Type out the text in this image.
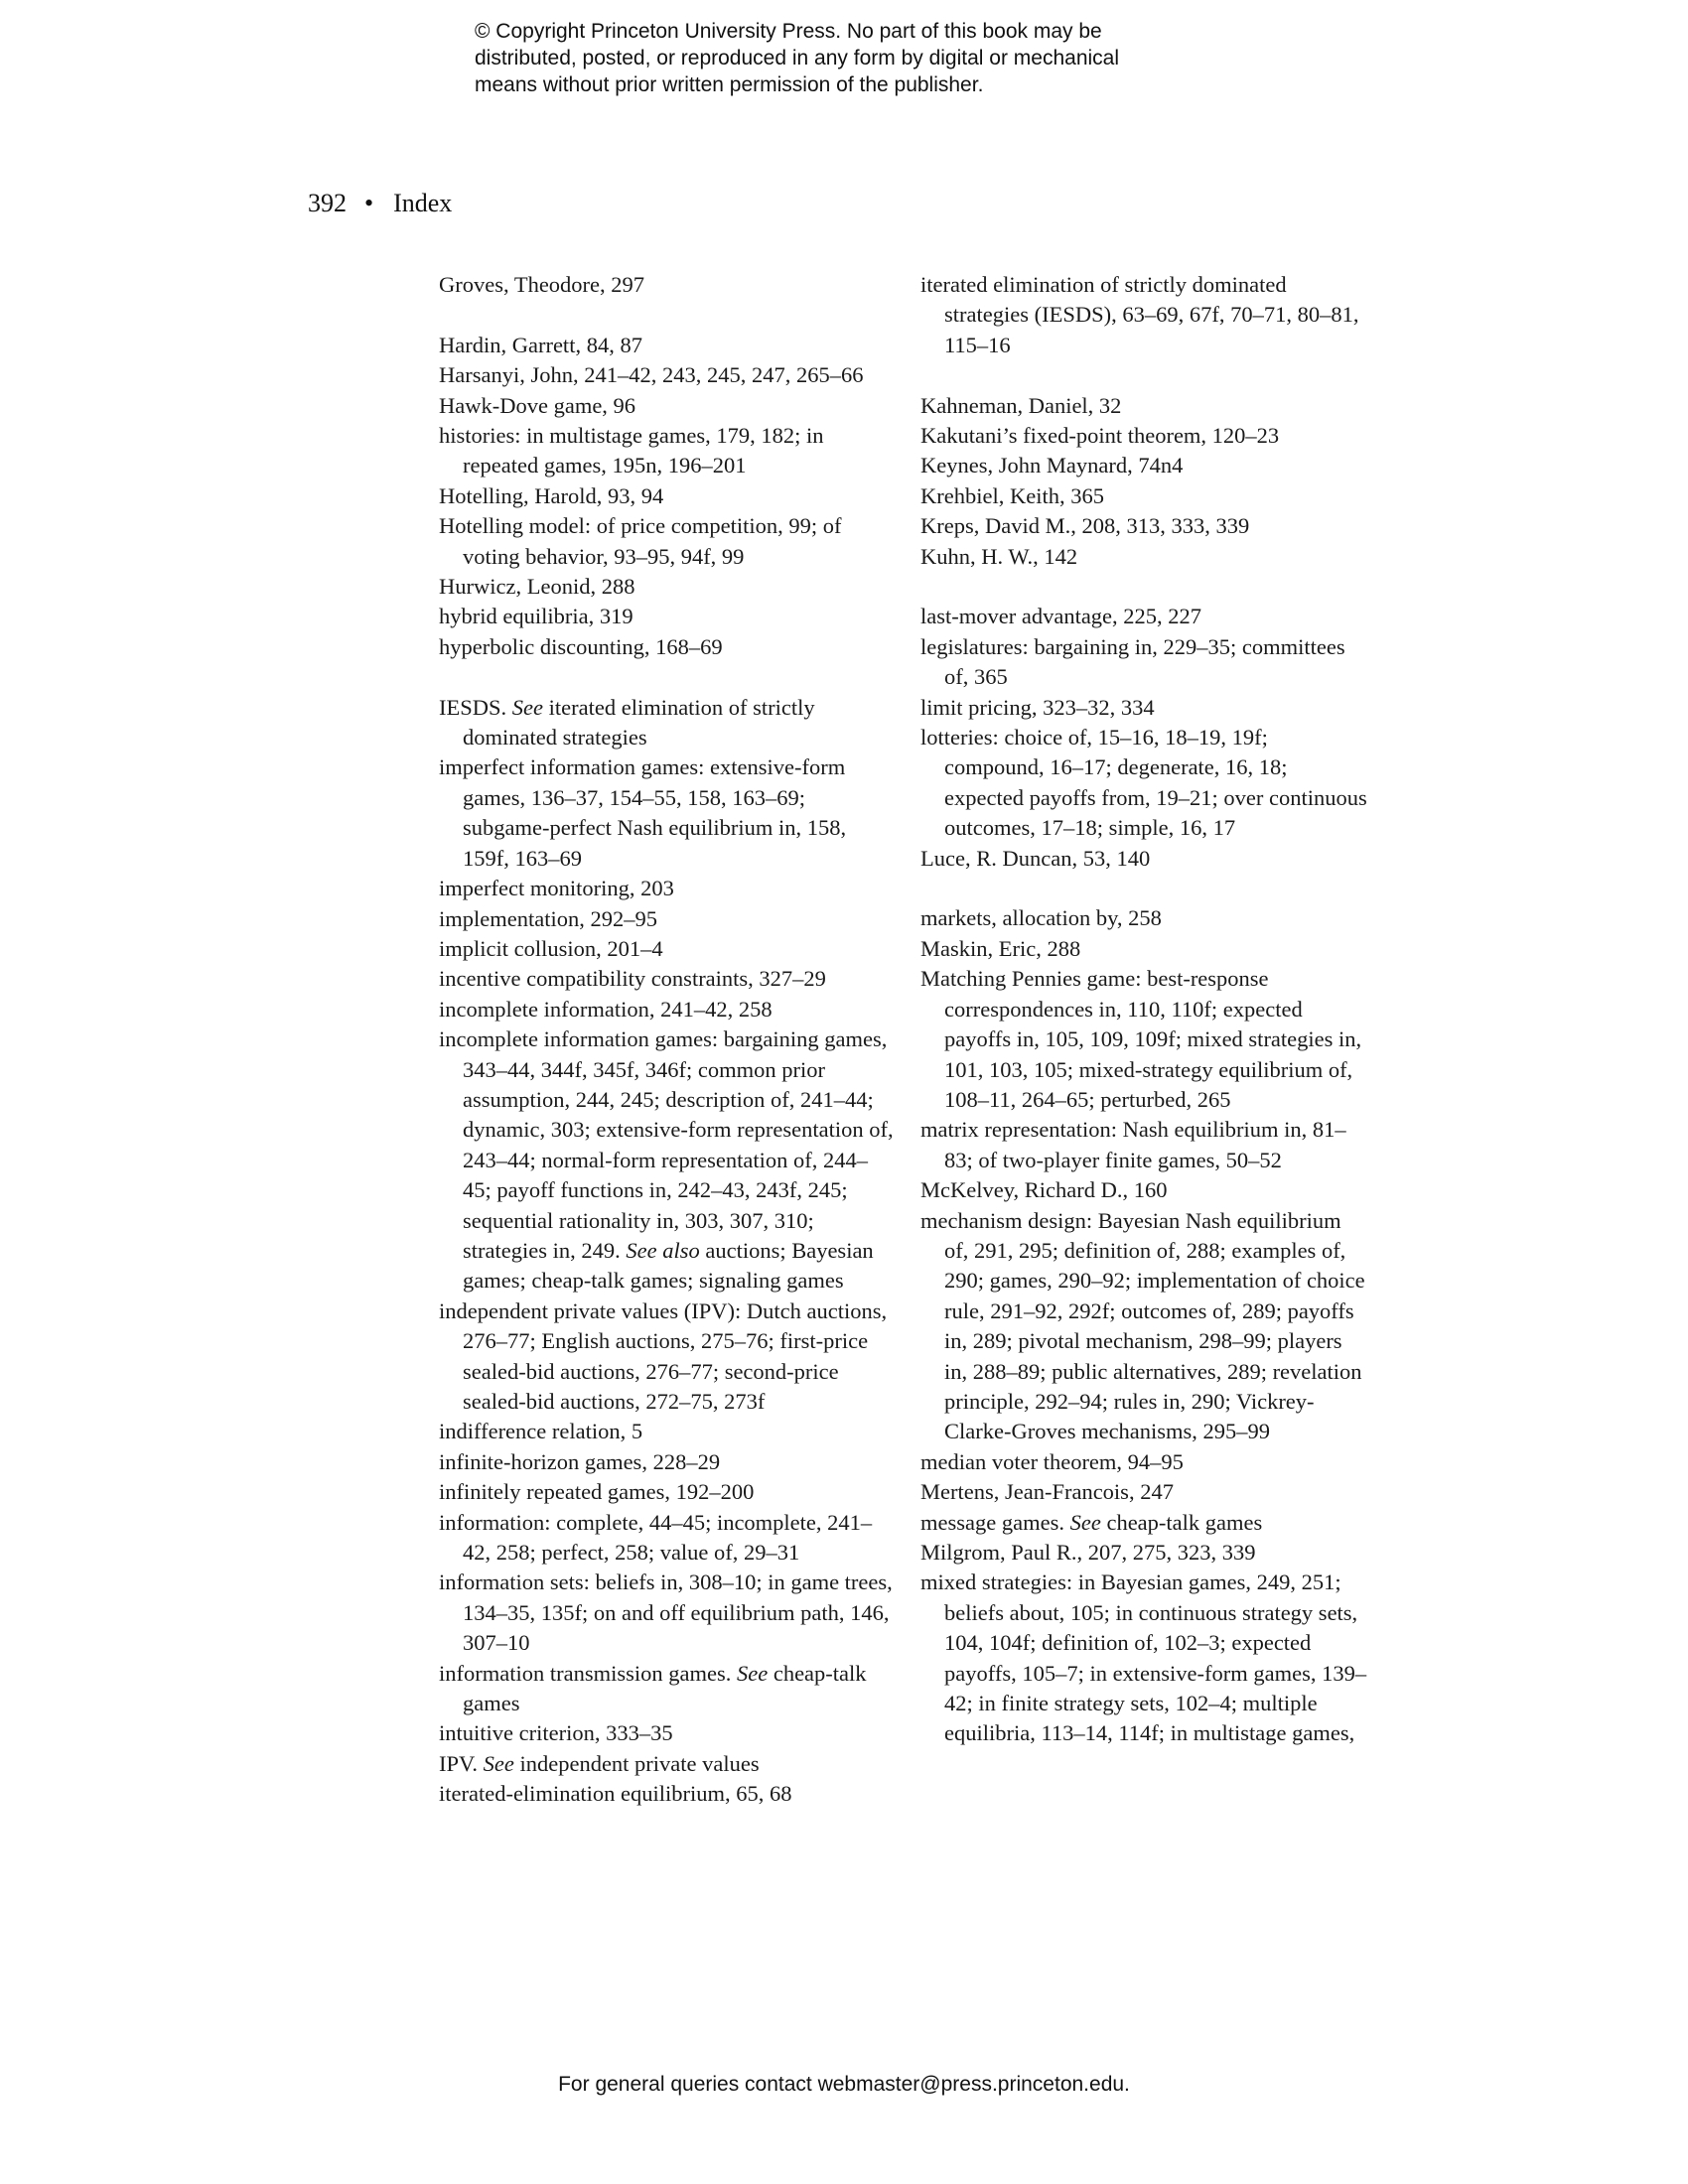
© Copyright Princeton University Press. No part of this book may be
distributed, posted, or reproduced in any form by digital or mechanical
means without prior written permission of the publisher.
392 • Index
Groves, Theodore, 297
Hardin, Garrett, 84, 87
Harsanyi, John, 241–42, 243, 245, 247, 265–66
Hawk-Dove game, 96
histories: in multistage games, 179, 182; in repeated games, 195n, 196–201
Hotelling, Harold, 93, 94
Hotelling model: of price competition, 99; of voting behavior, 93–95, 94f, 99
Hurwicz, Leonid, 288
hybrid equilibria, 319
hyperbolic discounting, 168–69
IESDS. See iterated elimination of strictly dominated strategies
imperfect information games: extensive-form games, 136–37, 154–55, 158, 163–69; subgame-perfect Nash equilibrium in, 158, 159f, 163–69
imperfect monitoring, 203
implementation, 292–95
implicit collusion, 201–4
incentive compatibility constraints, 327–29
incomplete information, 241–42, 258
incomplete information games: bargaining games, 343–44, 344f, 345f, 346f; common prior assumption, 244, 245; description of, 241–44; dynamic, 303; extensive-form representation of, 243–44; normal-form representation of, 244–45; payoff functions in, 242–43, 243f, 245; sequential rationality in, 303, 307, 310; strategies in, 249. See also auctions; Bayesian games; cheap-talk games; signaling games
independent private values (IPV): Dutch auctions, 276–77; English auctions, 275–76; first-price sealed-bid auctions, 276–77; second-price sealed-bid auctions, 272–75, 273f
indifference relation, 5
infinite-horizon games, 228–29
infinitely repeated games, 192–200
information: complete, 44–45; incomplete, 241–42, 258; perfect, 258; value of, 29–31
information sets: beliefs in, 308–10; in game trees, 134–35, 135f; on and off equilibrium path, 146, 307–10
information transmission games. See cheap-talk games
intuitive criterion, 333–35
IPV. See independent private values
iterated-elimination equilibrium, 65, 68
iterated elimination of strictly dominated strategies (IESDS), 63–69, 67f, 70–71, 80–81, 115–16
Kahneman, Daniel, 32
Kakutani’s fixed-point theorem, 120–23
Keynes, John Maynard, 74n4
Krehbiel, Keith, 365
Kreps, David M., 208, 313, 333, 339
Kuhn, H. W., 142
last-mover advantage, 225, 227
legislatures: bargaining in, 229–35; committees of, 365
limit pricing, 323–32, 334
lotteries: choice of, 15–16, 18–19, 19f; compound, 16–17; degenerate, 16, 18; expected payoffs from, 19–21; over continuous outcomes, 17–18; simple, 16, 17
Luce, R. Duncan, 53, 140
markets, allocation by, 258
Maskin, Eric, 288
Matching Pennies game: best-response correspondences in, 110, 110f; expected payoffs in, 105, 109, 109f; mixed strategies in, 101, 103, 105; mixed-strategy equilibrium of, 108–11, 264–65; perturbed, 265
matrix representation: Nash equilibrium in, 81–83; of two-player finite games, 50–52
McKelvey, Richard D., 160
mechanism design: Bayesian Nash equilibrium of, 291, 295; definition of, 288; examples of, 290; games, 290–92; implementation of choice rule, 291–92, 292f; outcomes of, 289; payoffs in, 289; pivotal mechanism, 298–99; players in, 288–89; public alternatives, 289; revelation principle, 292–94; rules in, 290; Vickrey-Clarke-Groves mechanisms, 295–99
median voter theorem, 94–95
Mertens, Jean-Francois, 247
message games. See cheap-talk games
Milgrom, Paul R., 207, 275, 323, 339
mixed strategies: in Bayesian games, 249, 251; beliefs about, 105; in continuous strategy sets, 104, 104f; definition of, 102–3; expected payoffs, 105–7; in extensive-form games, 139–42; in finite strategy sets, 102–4; multiple equilibria, 113–14, 114f; in multistage games,
For general queries contact webmaster@press.princeton.edu.
